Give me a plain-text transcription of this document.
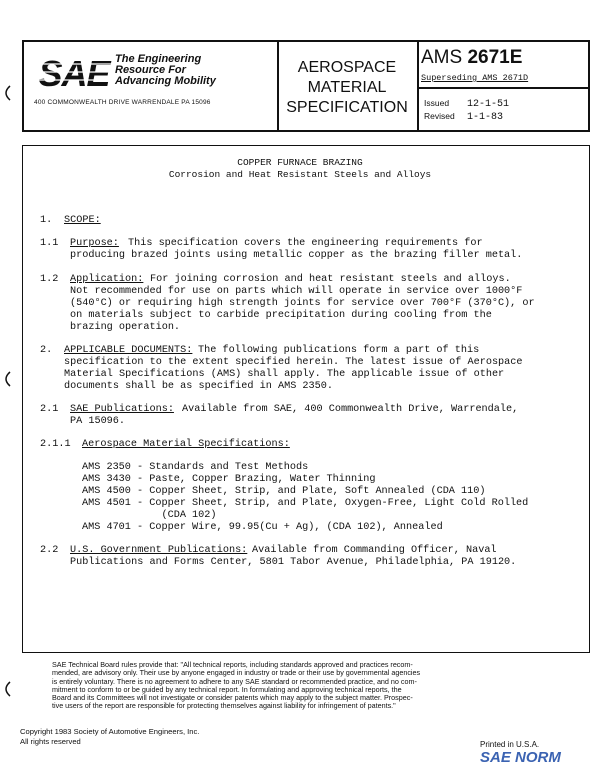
SAE The Engineering
Resource For
Advancing Mobility
400 COMMONWEALTH DRIVE WARRENDALE PA 15096
AEROSPACE
MATERIAL
SPECIFICATION
AMS 2671E
Superseding AMS 2671D
Issued 12-1-51
Revised 1-1-83
COPPER FURNACE BRAZING
Corrosion and Heat Resistant Steels and Alloys
1. SCOPE:
1.1 Purpose: This specification covers the engineering requirements for
producing brazed joints using metallic copper as the brazing filler metal.
1.2 Application: For joining corrosion and heat resistant steels and alloys.
Not recommended for use on parts which will operate in service over 1000°F
(540°C) or requiring high strength joints for service over 700°F (370°C), or
on materials subject to carbide precipitation during cooling from the
brazing operation.
2. APPLICABLE DOCUMENTS: The following publications form a part of this
specification to the extent specified herein. The latest issue of Aerospace
Material Specifications (AMS) shall apply. The applicable issue of other
documents shall be as specified in AMS 2350.
2.1 SAE Publications: Available from SAE, 400 Commonwealth Drive, Warrendale,
PA 15096.
2.1.1 Aerospace Material Specifications:
AMS 2350 - Standards and Test Methods
AMS 3430 - Paste, Copper Brazing, Water Thinning
AMS 4500 - Copper Sheet, Strip, and Plate, Soft Annealed (CDA 110)
AMS 4501 - Copper Sheet, Strip, and Plate, Oxygen-Free, Light Cold Rolled
(CDA 102)
AMS 4701 - Copper Wire, 99.95(Cu + Ag), (CDA 102), Annealed
2.2 U.S. Government Publications: Available from Commanding Officer, Naval
Publications and Forms Center, 5801 Tabor Avenue, Philadelphia, PA 19120.
SAE Technical Board rules provide that: "All technical reports, including standards approved and practices recom-
mended, are advisory only. Their use by anyone engaged in industry or trade or their use by governmental agencies
is entirely voluntary. There is no agreement to adhere to any SAE standard or recommended practice, and no com-
mitment to conform to or be guided by any technical report. In formulating and approving technical reports, the
Board and its Committees will not investigate or consider patents which may apply to the subject matter. Prospec-
tive users of the report are responsible for protecting themselves against liability for infringement of patents."
Copyright 1983 Society of Automotive Engineers, Inc.
All rights reserved	Printed in U.S.A.
SAE NORM
